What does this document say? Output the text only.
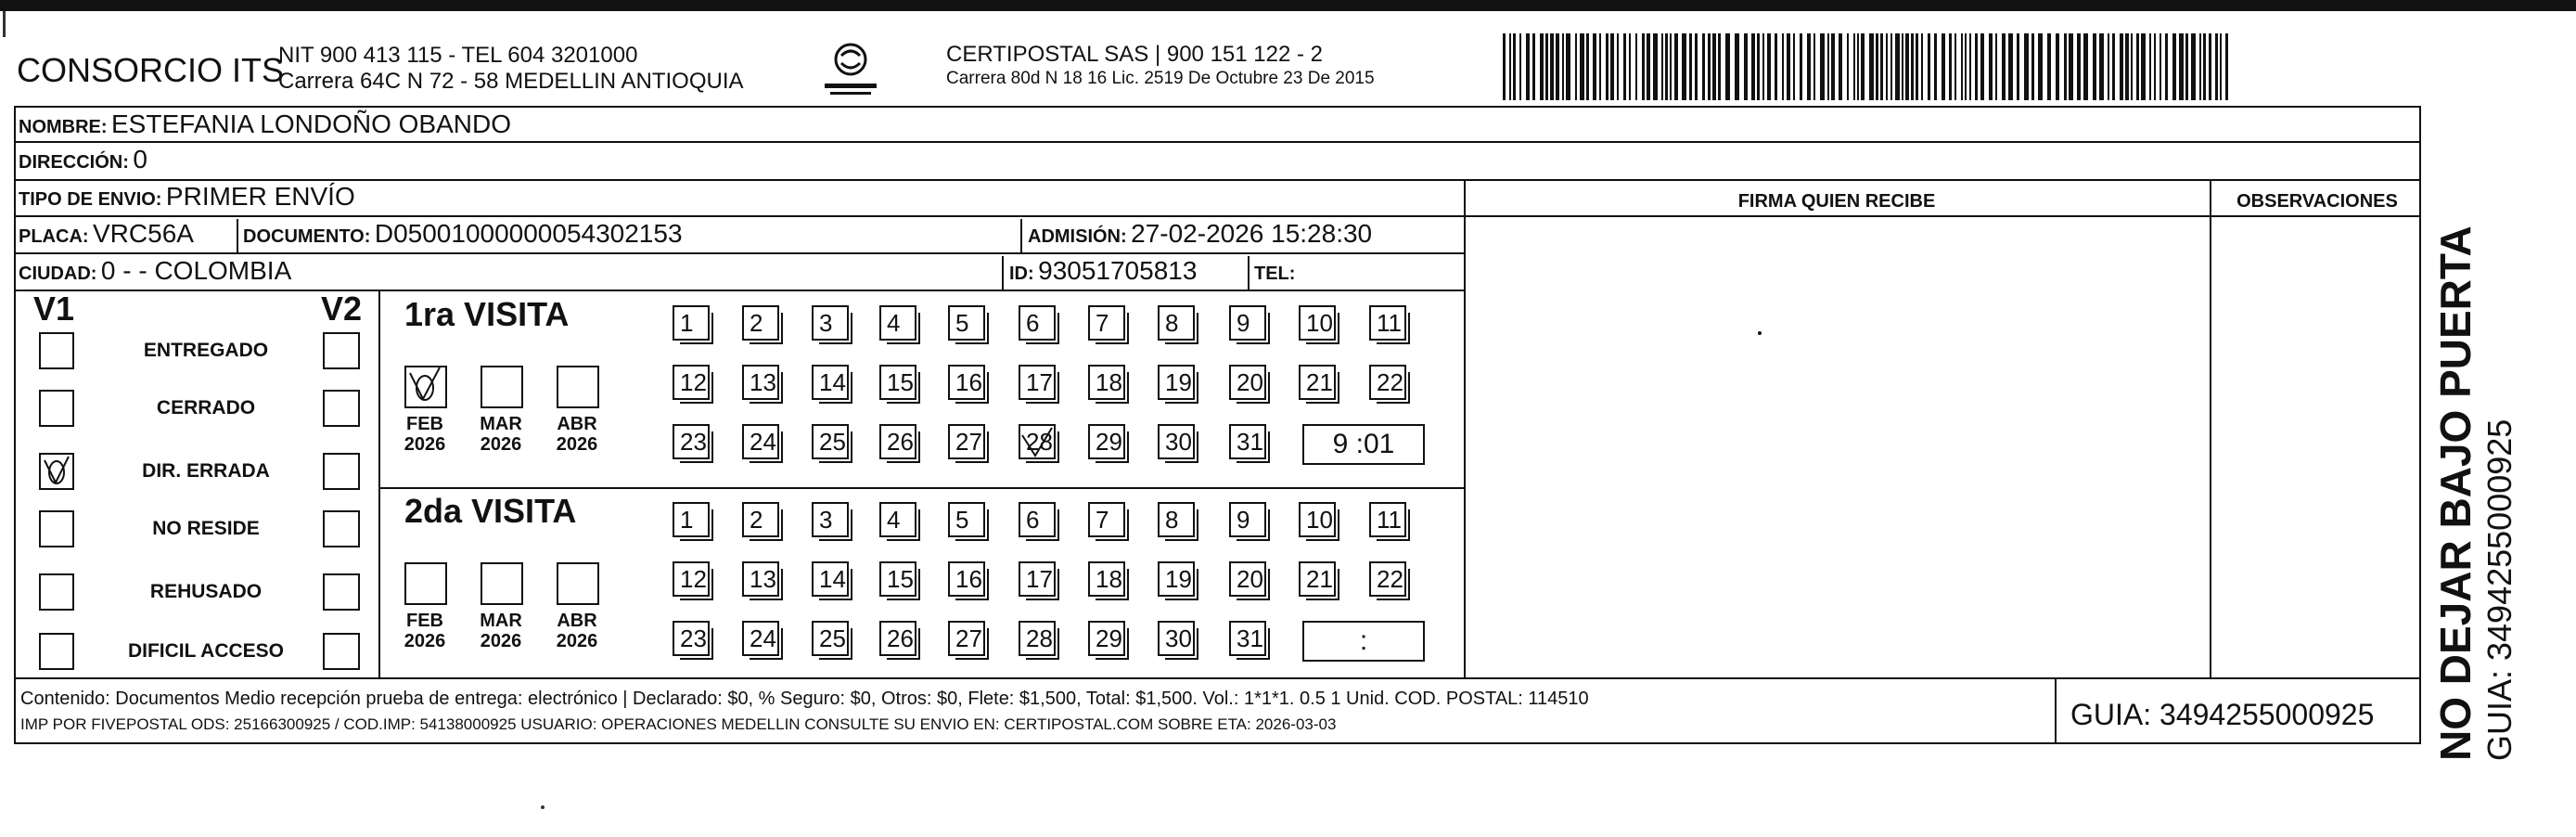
CONSORCIO ITS
NIT 900 413 115 - TEL 604 3201000
Carrera 64C N 72 - 58 MEDELLIN ANTIOQUIA
CERTIPOSTAL SAS | 900 151 122 - 2
Carrera 80d N 18 16 Lic. 2519 De Octubre 23 De 2015
NOMBRE: ESTEFANIA LONDOÑO OBANDO
DIRECCIÓN: 0
TIPO DE ENVIO: PRIMER ENVÍO
PLACA: VRC56A	DOCUMENTO: D05001000000054302153	ADMISIÓN: 27-02-2026 15:28:30
CIUDAD: 0 - - COLOMBIA	ID: 93051705813	TEL:
FIRMA QUIEN RECIBE	OBSERVACIONES
V1	V2
ENTREGADO
CERRADO
DIR. ERRADA
NO RESIDE
REHUSADO
DIFICIL ACCESO
1ra VISITA
FEB
2026
MAR
2026
ABR
2026
1	2	3	4	5	6	7	8	9	10	11
12	13	14	15	16	17	18	19	20	21	22
23	24	25	26	27	28	29	30	31	9 :01
2da VISITA
FEB
2026
MAR
2026
ABR
2026
1	2	3	4	5	6	7	8	9	10	11
12	13	14	15	16	17	18	19	20	21	22
23	24	25	26	27	28	29	30	31	:
Contenido: Documentos Medio recepción prueba de entrega: electrónico | Declarado: $0, % Seguro: $0, Otros: $0, Flete: $1,500, Total: $1,500. Vol.: 1*1*1. 0.5 1 Unid. COD. POSTAL: 114510
IMP POR FIVEPOSTAL ODS: 25166300925 / COD.IMP: 54138000925 USUARIO: OPERACIONES MEDELLIN CONSULTE SU ENVIO EN: CERTIPOSTAL.COM SOBRE ETA: 2026-03-03	GUIA: 3494255000925 NO DEJAR BAJO PUERTA GUIA: 3494255000925
